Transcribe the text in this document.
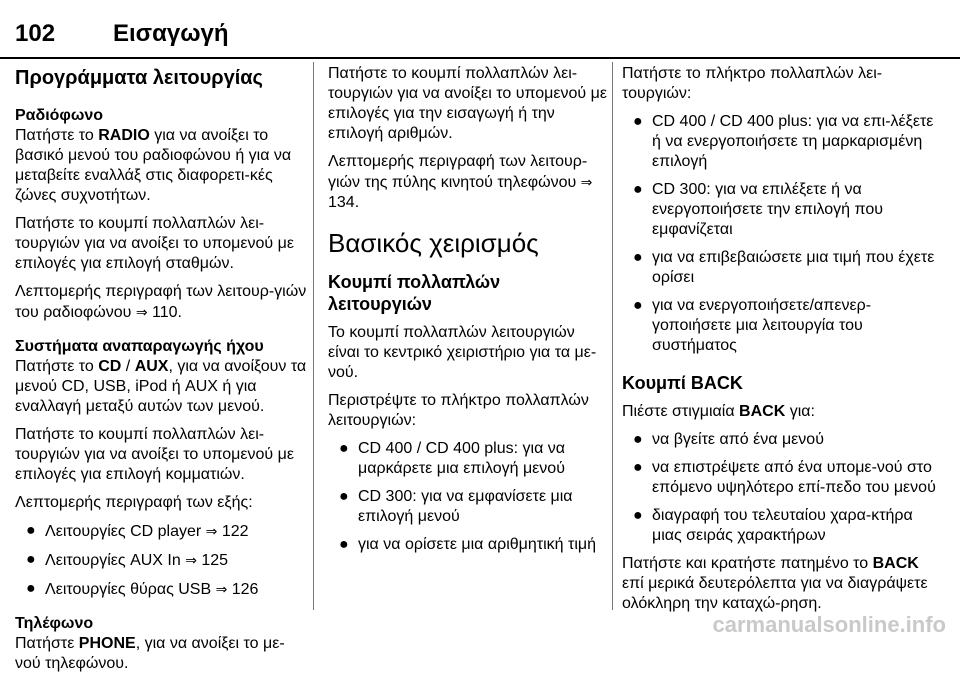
102 Εισαγωγή
Προγράμματα λειτουργίας
Ραδιόφωνο

Πατήστε το RADIO για να ανοίξει το βασικό μενού του ραδιοφώνου ή για να μεταβείτε εναλλάξ στις διαφορετι-κές ζώνες συχνοτήτων.

Πατήστε το κουμπί πολλαπλών λει-τουργιών για να ανοίξει το υπομενού με επιλογές για επιλογή σταθμών.

Λεπτομερής περιγραφή των λειτουρ-γιών του ραδιοφώνου ⇒ 110.

Συστήματα αναπαραγωγής ήχου

Πατήστε το CD / AUX, για να ανοίξουν τα μενού CD, USB, iPod ή AUX ή για εναλλαγή μεταξύ αυτών των μενού.

Πατήστε το κουμπί πολλαπλών λει-τουργιών για να ανοίξει το υπομενού με επιλογές για επιλογή κομματιών.

Λεπτομερής περιγραφή των εξής:

● Λειτουργίες CD player ⇒ 122
● Λειτουργίες AUX In ⇒ 125
● Λειτουργίες θύρας USB ⇒ 126
Τηλέφωνο

Πατήστε PHONE, για να ανοίξει το με-νού τηλεφώνου.

Πατήστε το κουμπί πολλαπλών λει-τουργιών για να ανοίξει το υπομενού με επιλογές για την εισαγωγή ή την επιλογή αριθμών.

Λεπτομερής περιγραφή των λειτουρ-γιών της πύλης κινητού τηλεφώνου ⇒ 134.

Βασικός χειρισμός
Κουμπί πολλαπλών λειτουργιών

Το κουμπί πολλαπλών λειτουργιών είναι το κεντρικό χειριστήριο για τα με-νού.

Περιστρέψτε το πλήκτρο πολλαπλών λειτουργιών:

● CD 400 / CD 400 plus: για να μαρκάρετε μια επιλογή μενού
● CD 300: για να εμφανίσετε μια επιλογή μενού
● για να ορίσετε μια αριθμητική τιμή

Πατήστε το πλήκτρο πολλαπλών λει-τουργιών:

● CD 400 / CD 400 plus: για να επι-λέξετε ή να ενεργοποιήσετε τη μαρκαρισμένη επιλογή
● CD 300: για να επιλέξετε ή να ενεργοποιήσετε την επιλογή που εμφανίζεται
● για να επιβεβαιώσετε μια τιμή που έχετε ορίσει
● για να ενεργοποιήσετε/απενερ-γοποιήσετε μια λειτουργία του συστήματος
Κουμπί BACK

Πιέστε στιγμιαία BACK για:

● να βγείτε από ένα μενού
● να επιστρέψετε από ένα υπομε-νού στο επόμενο υψηλότερο επί-πεδο του μενού
● διαγραφή του τελευταίου χαρα-κτήρα μιας σειράς χαρακτήρων

Πατήστε και κρατήστε πατημένο το BACK επί μερικά δευτερόλεπτα για να διαγράψετε ολόκληρη την καταχώ-ρηση.

carmanualsonline.info
